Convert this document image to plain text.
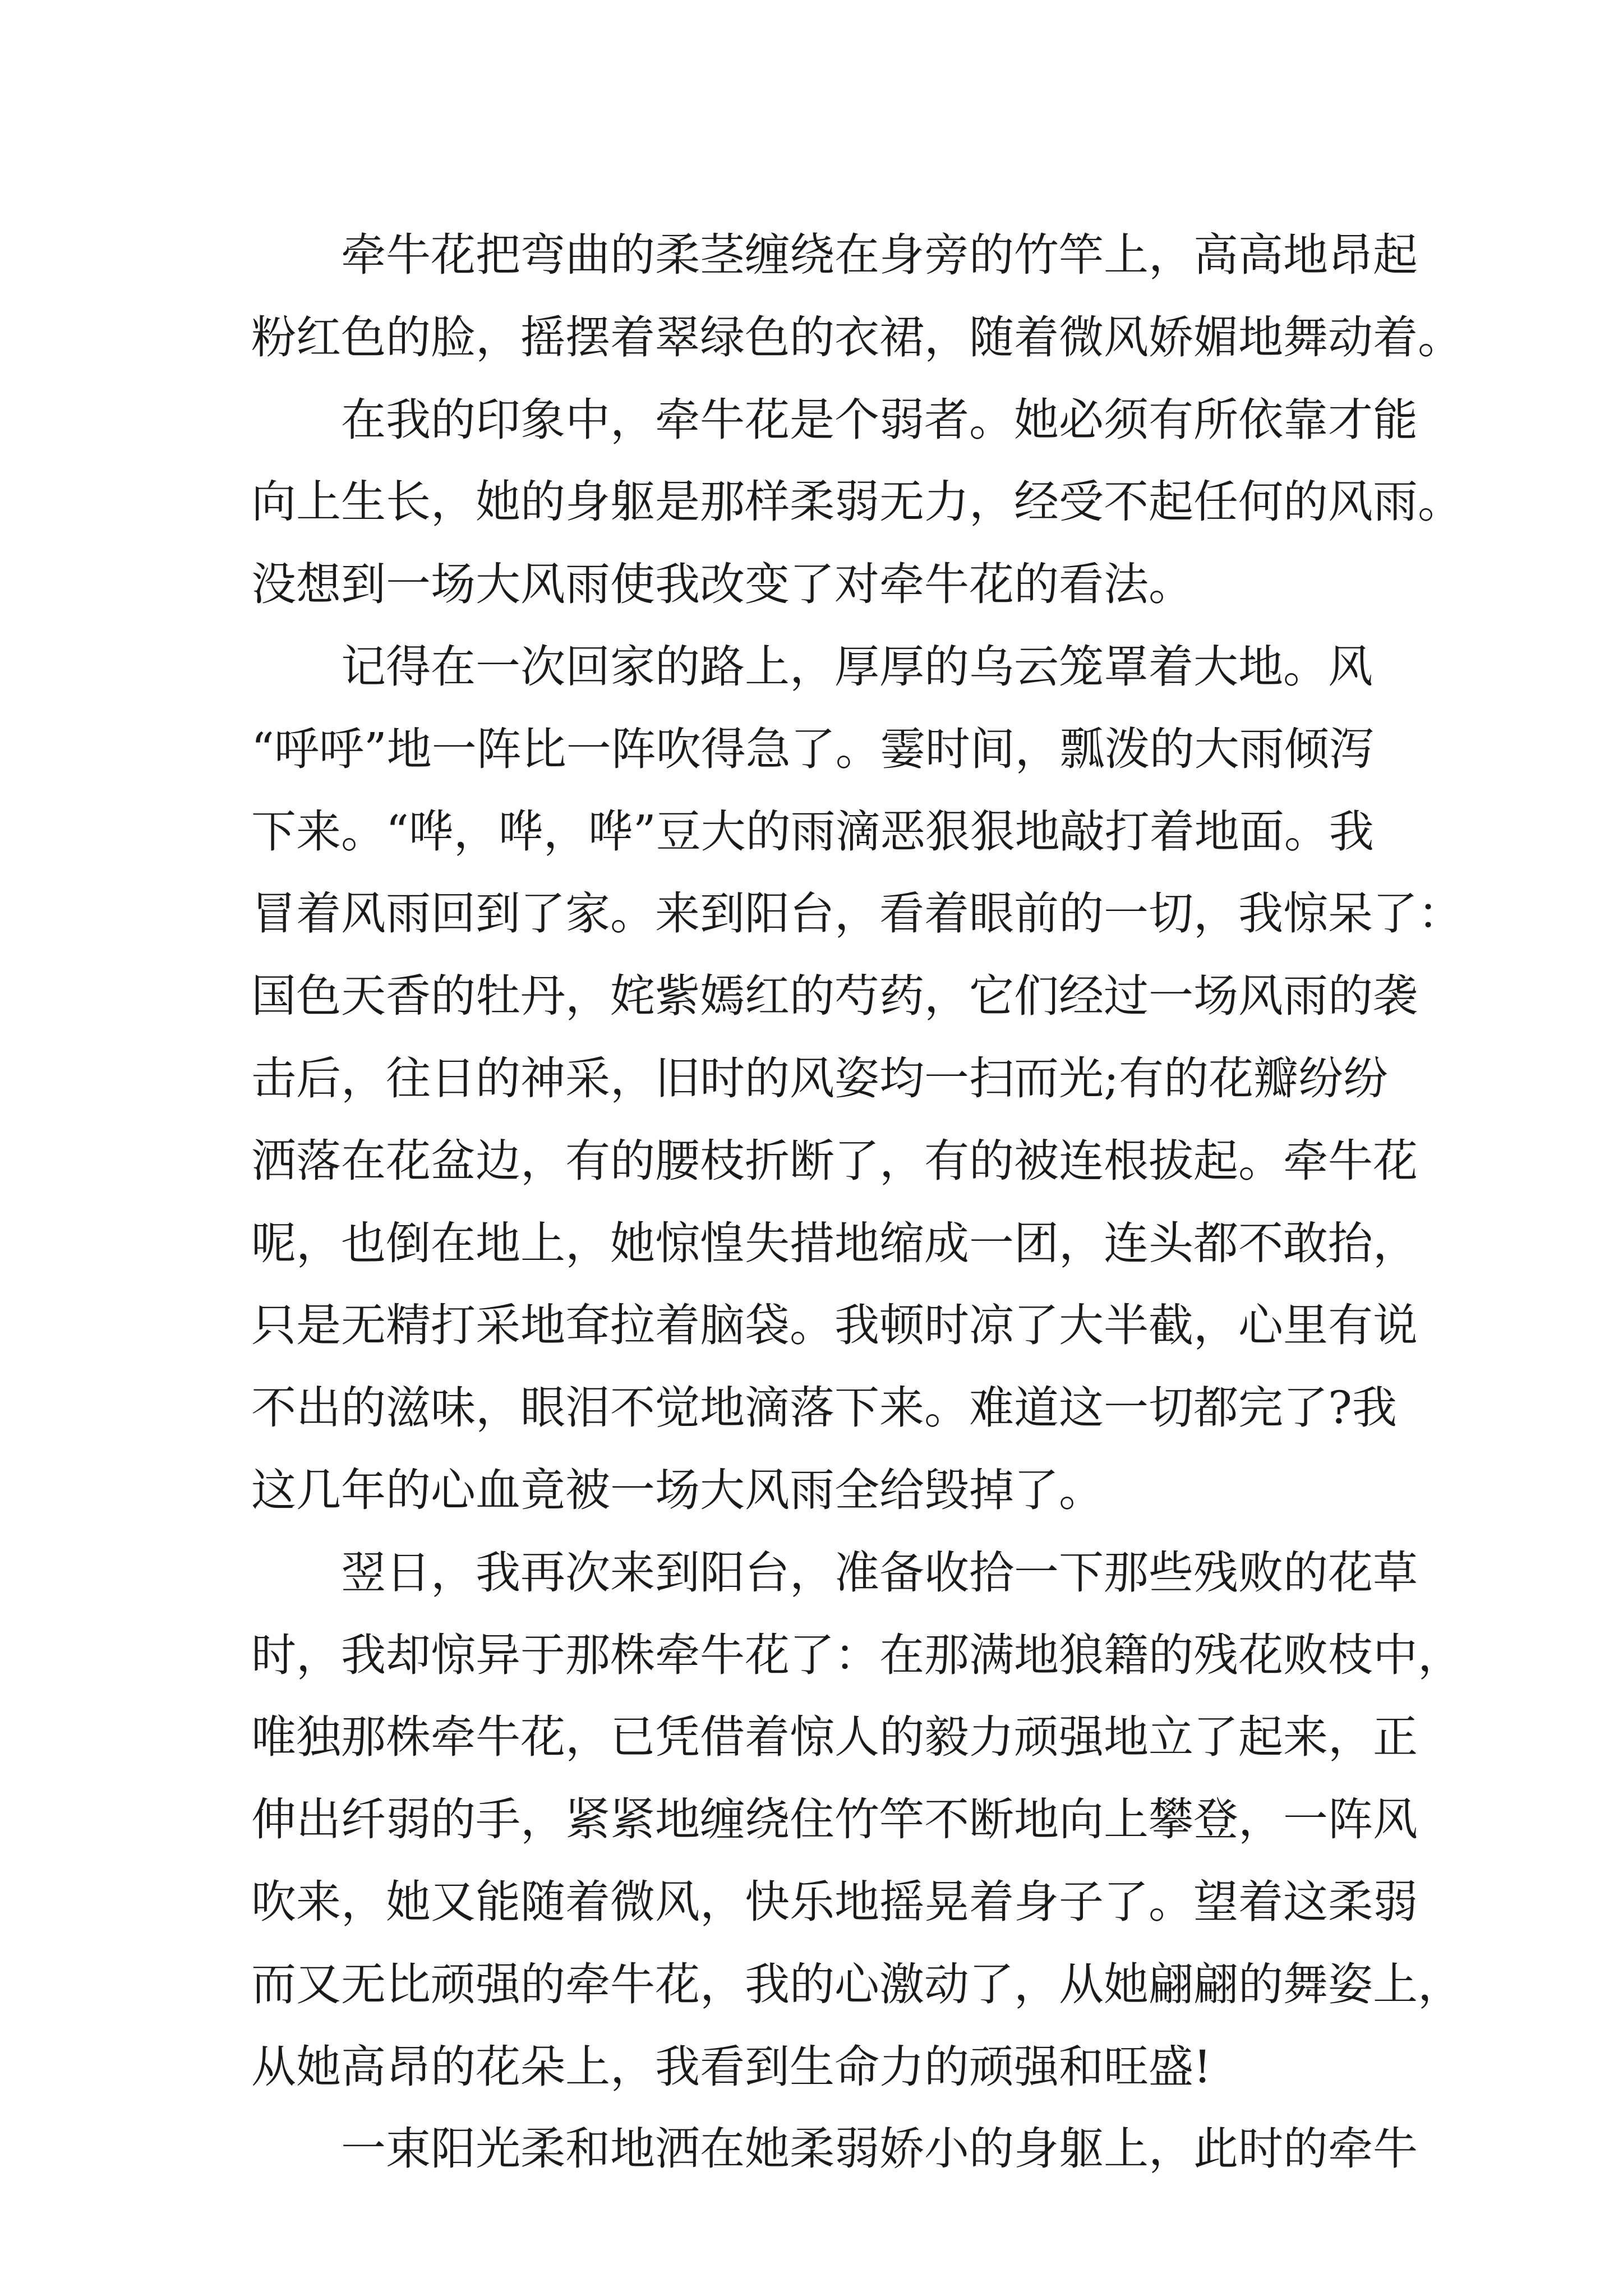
牵牛花把弯曲的柔茎缠绕在身旁的竹竿上，高高地昂起
粉红色的脸，摇摆着翠绿色的衣裙，随着微风娇媚地舞动着。
在我的印象中，牵牛花是个弱者。她必须有所依靠才能
向上生长，她的身躯是那样柔弱无力，经受不起任何的风雨。
没想到一场大风雨使我改变了对牵牛花的看法。
记得在一次回家的路上，厚厚的乌云笼罩着大地。风
“呼呼”地一阵比一阵吹得急了。霎时间，瓢泼的大雨倾泻
下来。“哗，哗，哗”豆大的雨滴恶狠狠地敲打着地面。我
冒着风雨回到了家。来到阳台，看着眼前的一切，我惊呆了：
国色天香的牡丹，姹紫嫣红的芍药，它们经过一场风雨的袭
击后，往日的神采，旧时的风姿均一扫而光;有的花瓣纷纷
洒落在花盆边，有的腰枝折断了，有的被连根拔起。牵牛花
呢，也倒在地上，她惊惶失措地缩成一团，连头都不敢抬，
只是无精打采地耷拉着脑袋。我顿时凉了大半截，心里有说
不出的滋味，眼泪不觉地滴落下来。难道这一切都完了?我
这几年的心血竟被一场大风雨全给毁掉了。
翌日，我再次来到阳台，准备收拾一下那些残败的花草
时，我却惊异于那株牵牛花了：在那满地狼籍的残花败枝中，
唯独那株牵牛花，已凭借着惊人的毅力顽强地立了起来，正
伸出纤弱的手，紧紧地缠绕住竹竿不断地向上攀登，一阵风
吹来，她又能随着微风，快乐地摇晃着身子了。望着这柔弱
而又无比顽强的牵牛花，我的心激动了，从她翩翩的舞姿上，
从她高昂的花朵上，我看到生命力的顽强和旺盛!
一束阳光柔和地洒在她柔弱娇小的身躯上，此时的牵牛
